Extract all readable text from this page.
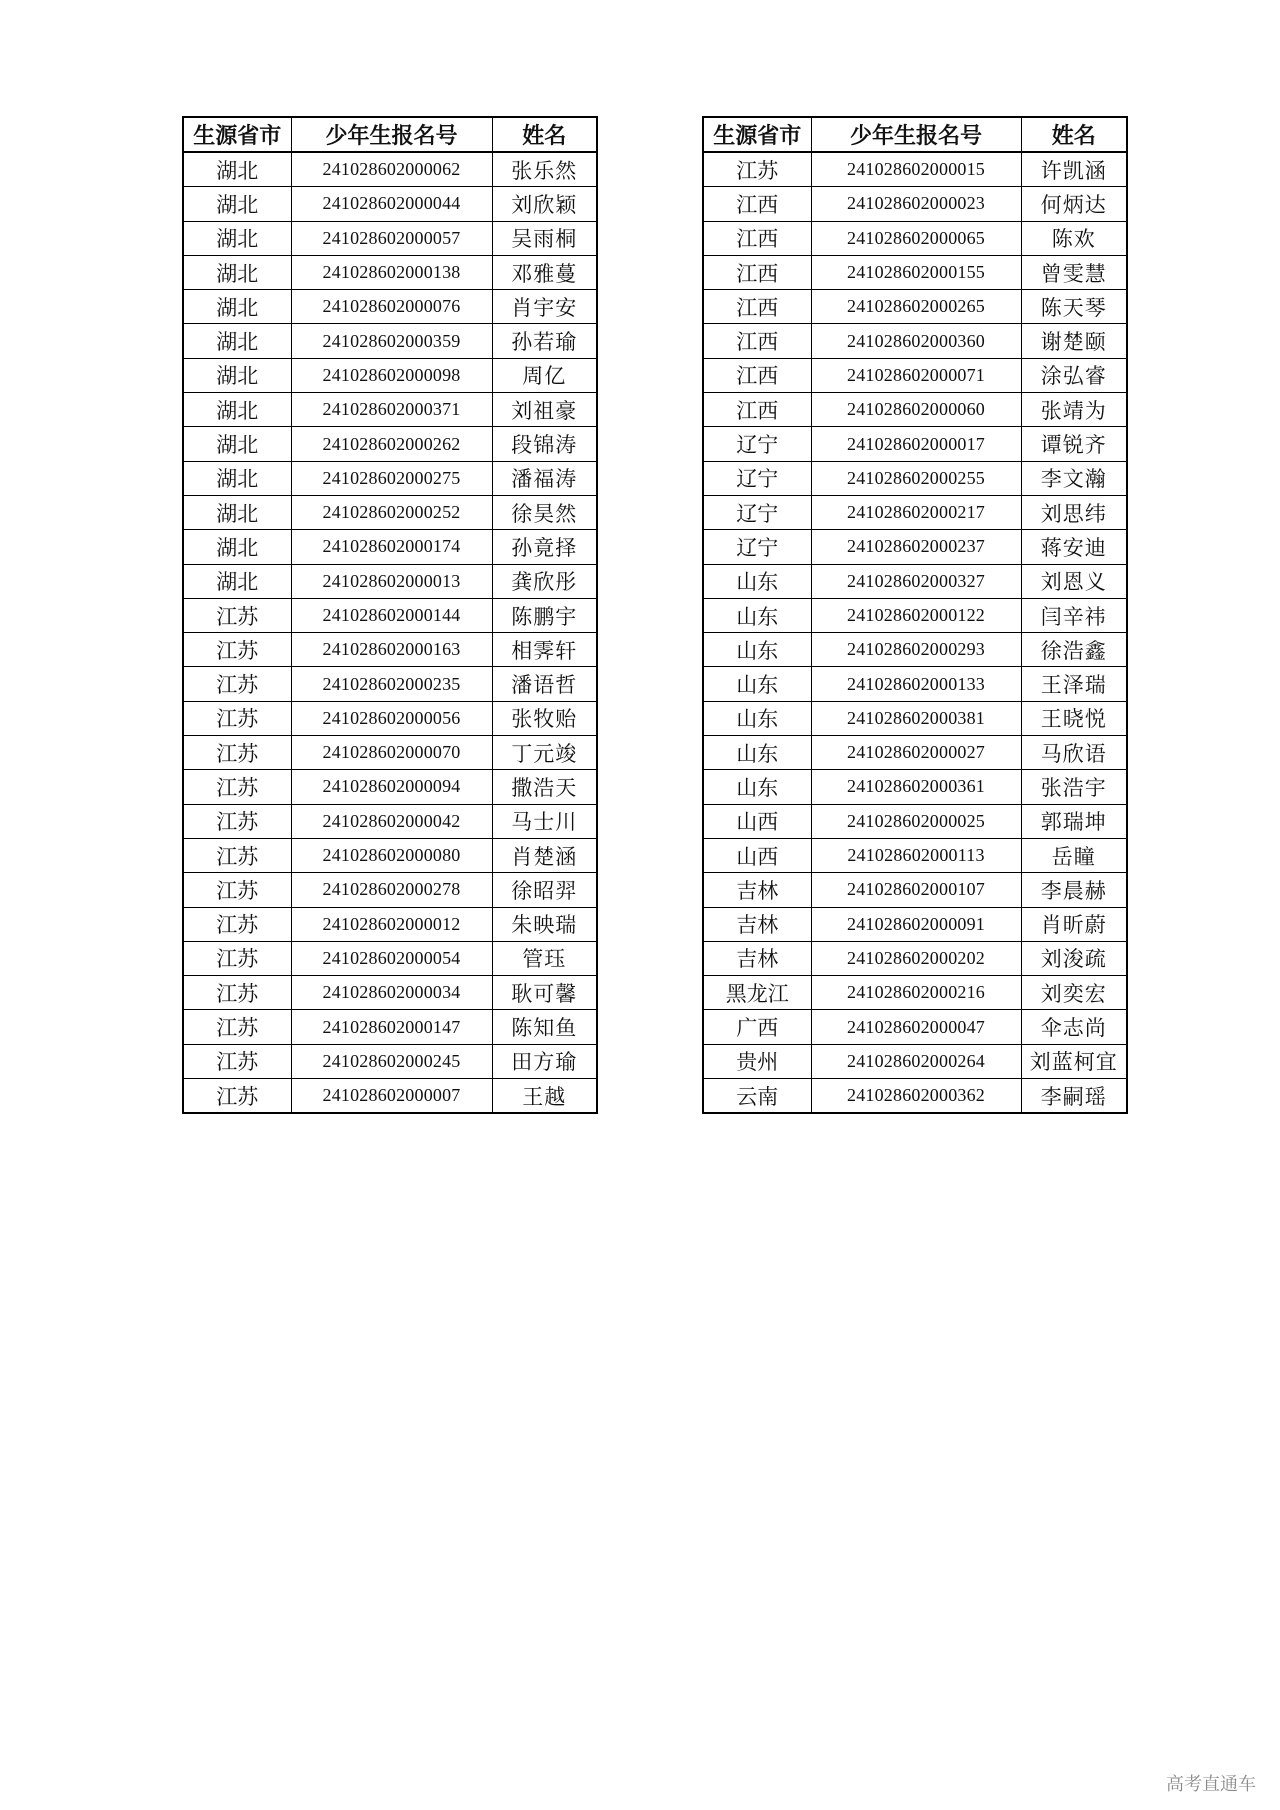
生源省市	少年生报名号	姓名
湖北	241028602000062	张乐然
湖北	241028602000044	刘欣颖
湖北	241028602000057	吴雨桐
湖北	241028602000138	邓雅蔓
湖北	241028602000076	肖宇安
湖北	241028602000359	孙若瑜
湖北	241028602000098	周亿
湖北	241028602000371	刘祖豪
湖北	241028602000262	段锦涛
湖北	241028602000275	潘福涛
湖北	241028602000252	徐昊然
湖北	241028602000174	孙竟择
湖北	241028602000013	龚欣彤
江苏	241028602000144	陈鹏宇
江苏	241028602000163	相霁轩
江苏	241028602000235	潘语哲
江苏	241028602000056	张牧贻
江苏	241028602000070	丁元竣
江苏	241028602000094	撒浩天
江苏	241028602000042	马士川
江苏	241028602000080	肖楚涵
江苏	241028602000278	徐昭羿
江苏	241028602000012	朱映瑞
江苏	241028602000054	管珏
江苏	241028602000034	耿可馨
江苏	241028602000147	陈知鱼
江苏	241028602000245	田方瑜
江苏	241028602000007	王越
生源省市	少年生报名号	姓名
江苏	241028602000015	许凯涵
江西	241028602000023	何炳达
江西	241028602000065	陈欢
江西	241028602000155	曾雯慧
江西	241028602000265	陈天琴
江西	241028602000360	谢楚颐
江西	241028602000071	涂弘睿
江西	241028602000060	张靖为
辽宁	241028602000017	谭锐齐
辽宁	241028602000255	李文瀚
辽宁	241028602000217	刘思纬
辽宁	241028602000237	蒋安迪
山东	241028602000327	刘恩义
山东	241028602000122	闫辛祎
山东	241028602000293	徐浩鑫
山东	241028602000133	王泽瑞
山东	241028602000381	王晓悦
山东	241028602000027	马欣语
山东	241028602000361	张浩宇
山西	241028602000025	郭瑞坤
山西	241028602000113	岳瞳
吉林	241028602000107	李晨赫
吉林	241028602000091	肖昕蔚
吉林	241028602000202	刘浚疏
黑龙江	241028602000216	刘奕宏
广西	241028602000047	伞志尚
贵州	241028602000264	刘蓝柯宜
云南	241028602000362	李嗣瑶
高考直通车
